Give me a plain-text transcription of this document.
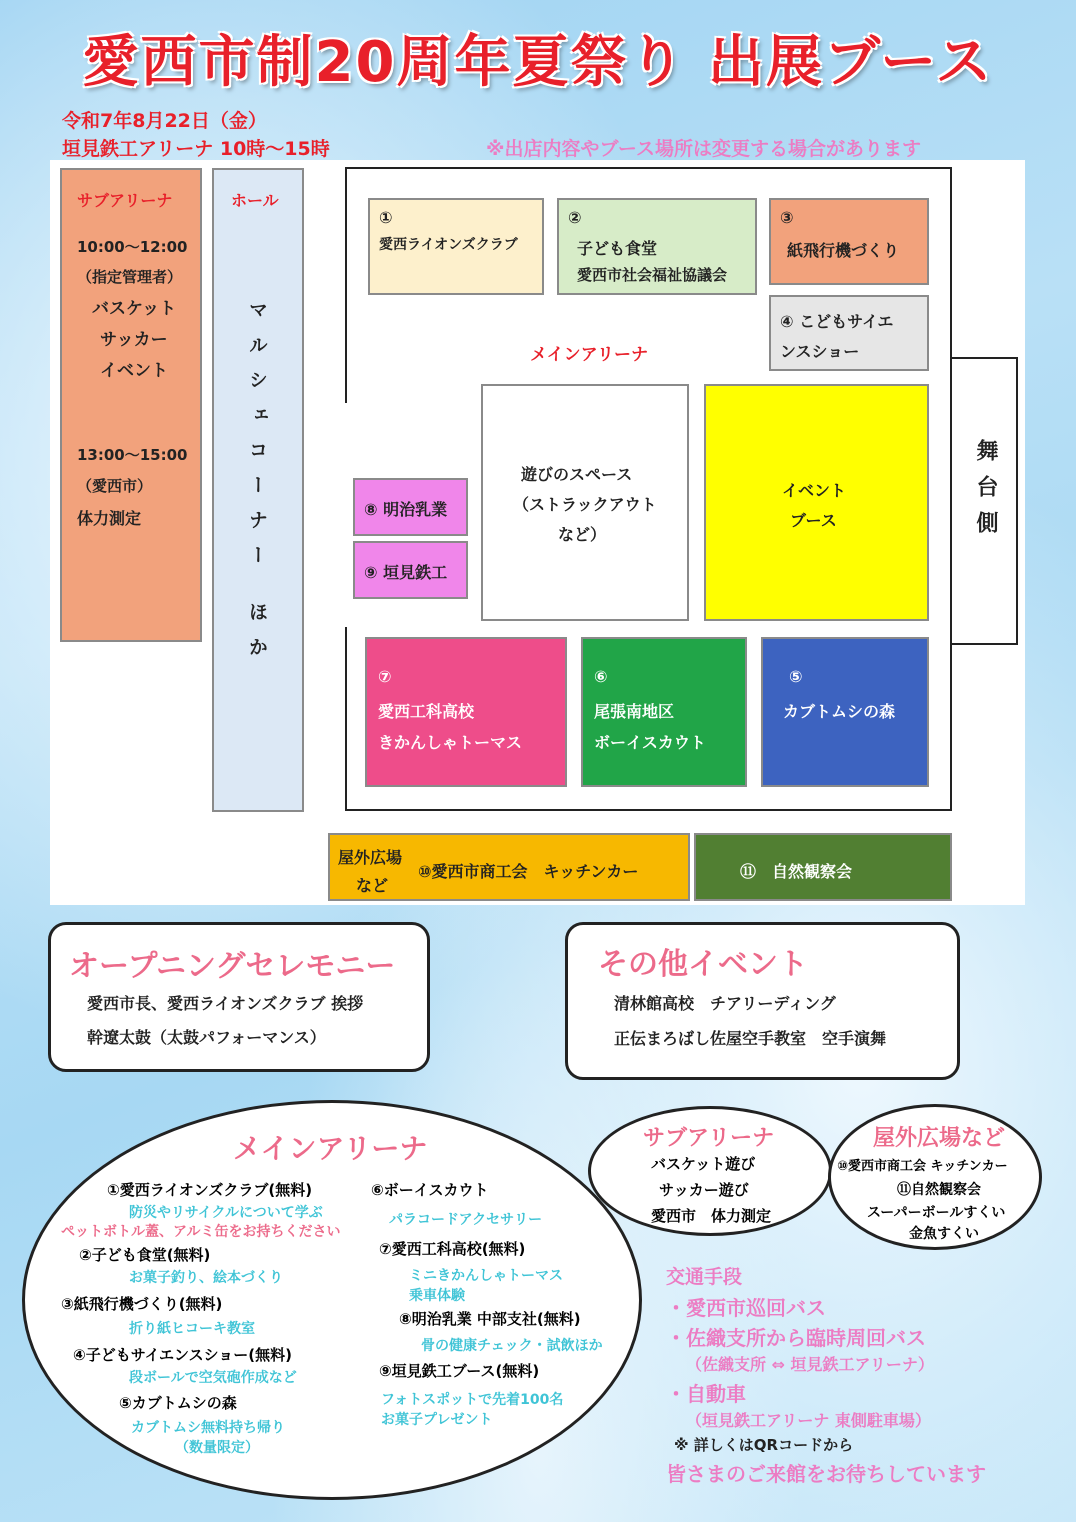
愛西市制20周年夏祭り 出展ブース
令和7年8月22日（金）
垣見鉄工アリーナ 10時～15時	※出店内容やブース場所は変更する場合があります
サブアリーナ
10:00～12:00
（指定管理者）
バスケット
サッカー
イベント
13:00～15:00
（愛西市）
体力測定
ホール
マルシェコーナー
ほか
メインアリーナ
舞台側
①
愛西ライオンズクラブ
②
子ども食堂
愛西市社会福祉協議会
③
紙飛行機づくり
④ こどもサイエ
ンスショー
遊びのスペース
（ストラックアウト
など）
イベント
ブース
⑧ 明治乳業
⑨ 垣見鉄工
⑦
愛西工科高校
きかんしゃトーマス
⑥
尾張南地区
ボーイスカウト
⑤
カブトムシの森
屋外広場
など
⑩愛西市商工会　キッチンカー	⑪　自然観察会
オープニングセレモニー
愛西市長、愛西ライオンズクラブ 挨拶
幹遼太鼓（太鼓パフォーマンス）
その他イベント
清林館高校　チアリーディング
正伝まろばし佐屋空手教室　空手演舞
メインアリーナ
①愛西ライオンズクラブ(無料)
防災やリサイクルについて学ぶ
ペットボトル蓋、アルミ缶をお持ちください
②子ども食堂(無料)
お菓子釣り、絵本づくり
③紙飛行機づくり(無料)
折り紙ヒコーキ教室
④子どもサイエンスショー(無料)
段ボールで空気砲作成など
⑤カブトムシの森
カブトムシ無料持ち帰り
（数量限定）
⑥ボーイスカウト
パラコードアクセサリー
⑦愛西工科高校(無料)
ミニきかんしゃトーマス
乗車体験
⑧明治乳業 中部支社(無料)
骨の健康チェック・試飲ほか
⑨垣見鉄工ブース(無料)
フォトスポットで先着100名
お菓子プレゼント
サブアリーナ
バスケット遊び
サッカー遊び
愛西市　体力測定
屋外広場など
⑩愛西市商工会 キッチンカー
⑪自然観察会
スーパーボールすくい
金魚すくい
交通手段
・愛西市巡回バス
・佐織支所から臨時周回バス
（佐織支所 ⇔ 垣見鉄工アリーナ）
・自動車
（垣見鉄工アリーナ 東側駐車場）
※ 詳しくはQRコードから
皆さまのご来館をお待ちしています
